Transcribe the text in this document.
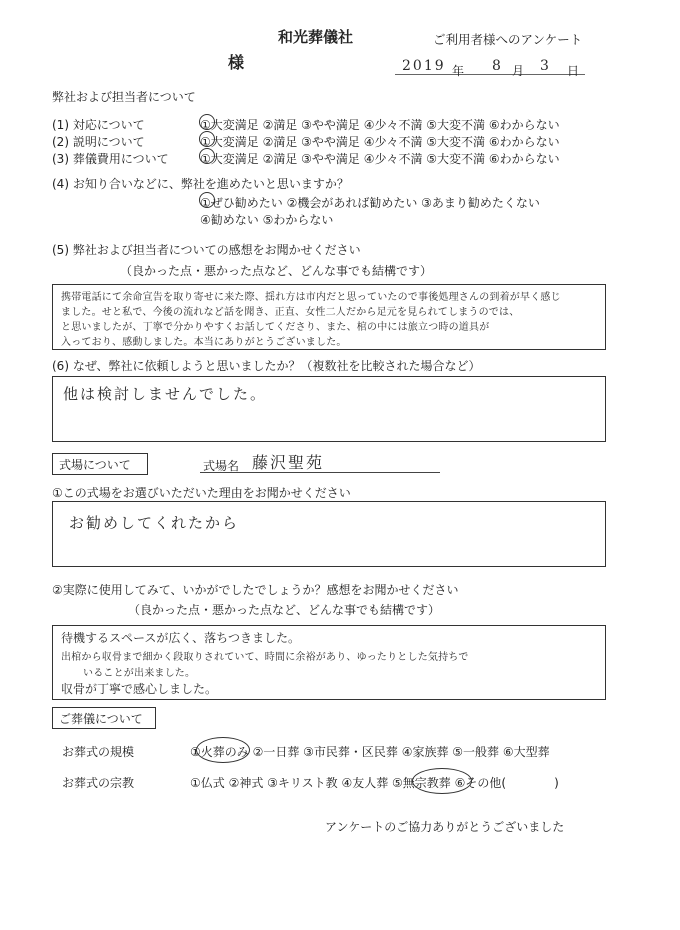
和光葬儀社	ご利用者様へのアンケート
様	2019 年 8 月 3 日
弊社および担当者について
(1) 対応について	①大変満足 ②満足 ③やや満足 ④少々不満 ⑤大変不満 ⑥わからない
(2) 説明について	①大変満足 ②満足 ③やや満足 ④少々不満 ⑤大変不満 ⑥わからない
(3) 葬儀費用について	①大変満足 ②満足 ③やや満足 ④少々不満 ⑤大変不満 ⑥わからない
(4) お知り合いなどに、弊社を進めたいと思いますか？
①ぜひ勧めたい ②機会があれば勧めたい ③あまり勧めたくない
④勧めない ⑤わからない
(5) 弊社および担当者についての感想をお聞かせください
（良かった点・悪かった点など、どんな事でも結構です）
携帯電話にて余命宣告を取り寄せに来た際、揺れ方は市内だと思っていたので事後処理さんの到着が早く感じ
ました。せと私で、今後の流れなど話を聞き、正直、女性二人だから足元を見られてしまうのでは、
と思いましたが、丁寧で分かりやすくお話してくださり、また、棺の中には旅立つ時の道具が
入っており、感動しました。本当にありがとうございました。
(6) なぜ、弊社に依頼しようと思いましたか？（複数社を比較された場合など）
他は検討しませんでした。
式場について	式場名 藤沢聖苑
①この式場をお選びいただいた理由をお聞かせください
お勧めしてくれたから
②実際に使用してみて、いかがでしたでしょうか？感想をお聞かせください
（良かった点・悪かった点など、どんな事でも結構です）
待機するスペースが広く、落ちつきました。
出棺から収骨まで細かく段取りされていて、時間に余裕があり、ゆったりとした気持ちで
いることが出来ました。
収骨が丁寧で感心しました。
ご葬儀について
お葬式の規模	①火葬のみ ②一日葬 ③市民葬・区民葬 ④家族葬 ⑤一般葬 ⑥大型葬
お葬式の宗教	①仏式 ②神式 ③キリスト教 ④友人葬 ⑤無宗教葬 ⑥その他(　　　　)
アンケートのご協力ありがとうございました
